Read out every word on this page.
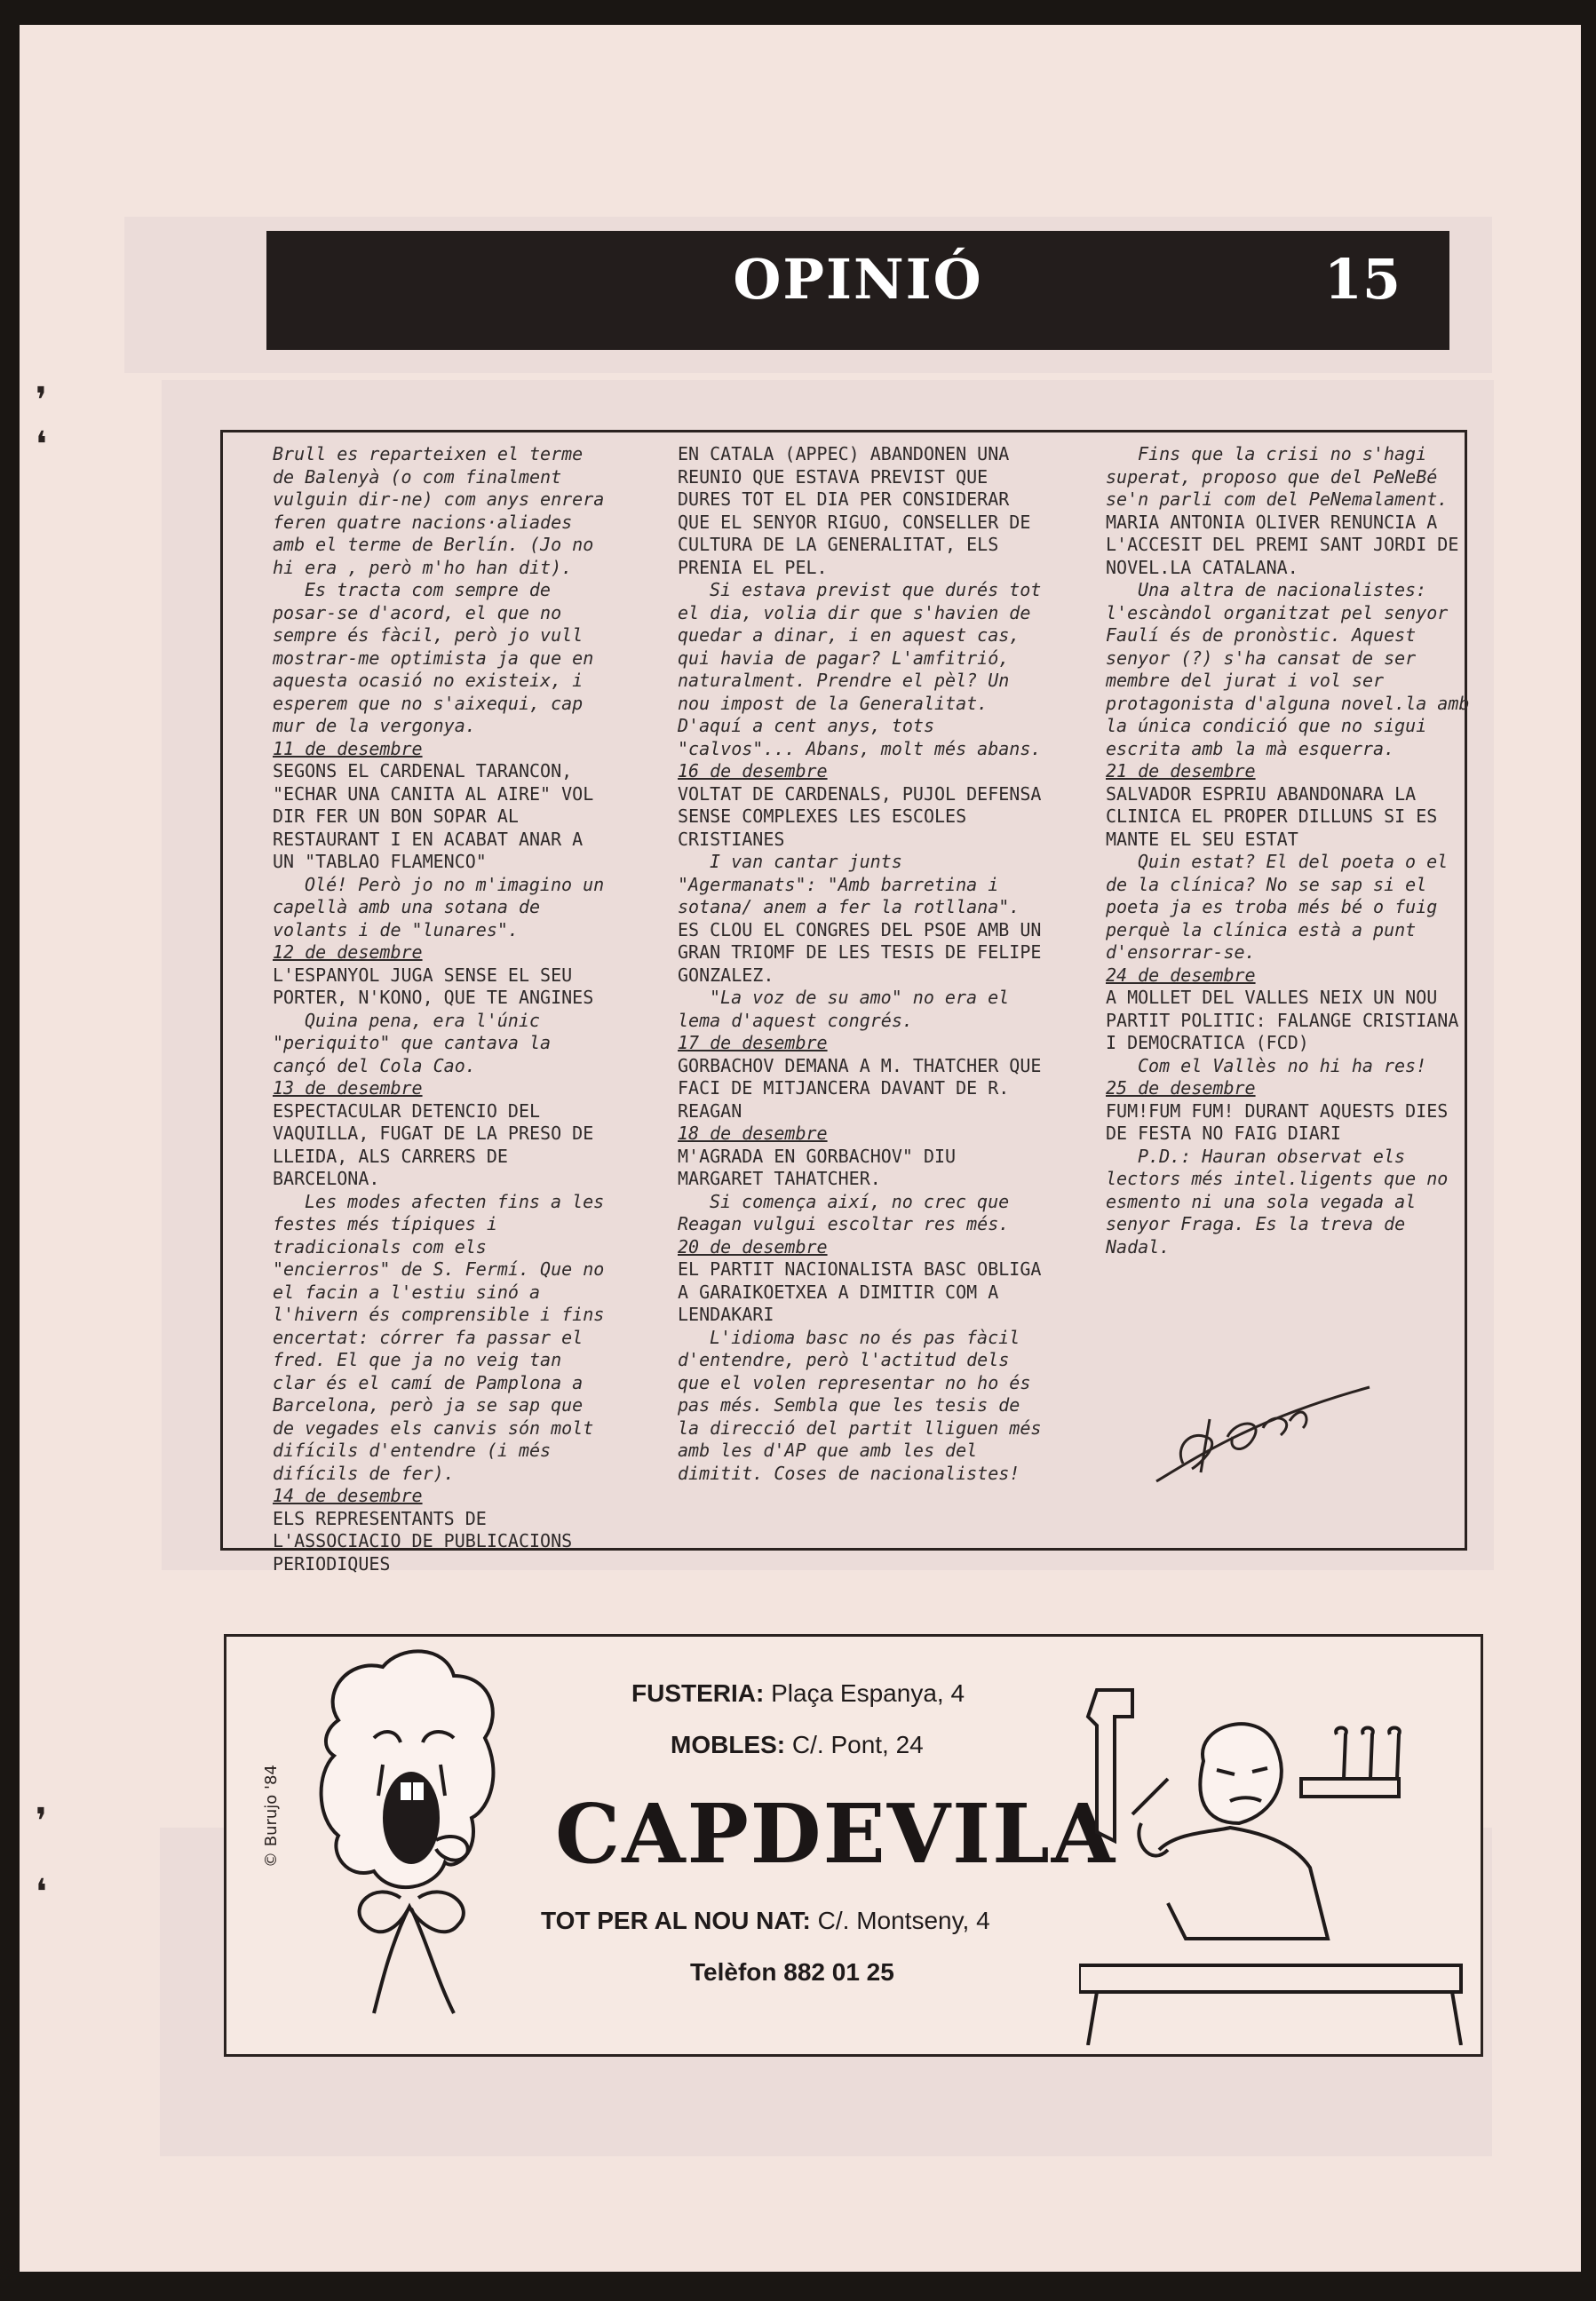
OPINIÓ	15

Brull es reparteixen el terme de Balenyà (o com finalment vulguin dir-ne) com anys enrera feren quatre nacions·aliades amb el terme de Berlín. (Jo no hi era , però m'ho han dit).

Es tracta com sempre de posar-se d'acord, el que no sempre és fàcil, però jo vull mostrar-me optimista ja que en aquesta ocasió no existeix, i esperem que no s'aixequi, cap mur de la vergonya.

11 de desembre

SEGONS EL CARDENAL TARANCON, "ECHAR UNA CANITA AL AIRE" VOL DIR FER UN BON SOPAR AL RESTAURANT I EN ACABAT ANAR A UN "TABLAO FLAMENCO"

Olé! Però jo no m'imagino un capellà amb una sotana de volants i de "lunares".

12 de desembre

L'ESPANYOL JUGA SENSE EL SEU PORTER, N'KONO, QUE TE ANGINES

Quina pena, era l'únic "periquito" que cantava la cançó del Cola Cao.

13 de desembre

ESPECTACULAR DETENCIO DEL VAQUILLA, FUGAT DE LA PRESO DE LLEIDA, ALS CARRERS DE BARCELONA.

Les modes afecten fins a les festes més típiques i tradicionals com els "encierros" de S. Fermí. Que no el facin a l'estiu sinó a l'hivern és comprensible i fins encertat: córrer fa passar el fred. El que ja no veig tan clar és el camí de Pamplona a Barcelona, però ja se sap que de vegades els canvis són molt difícils d'entendre (i més difícils de fer).

14 de desembre

ELS REPRESENTANTS DE L'ASSOCIACIO DE PUBLICACIONS PERIODIQUES

EN CATALA (APPEC) ABANDONEN UNA REUNIO QUE ESTAVA PREVIST QUE DURES TOT EL DIA PER CONSIDERAR QUE EL SENYOR RIGUO, CONSELLER DE CULTURA DE LA GENERALITAT, ELS PRENIA EL PEL.

Si estava previst que durés tot el dia, volia dir que s'havien de quedar a dinar, i en aquest cas, qui havia de pagar? L'amfitrió, naturalment. Prendre el pèl? Un nou impost de la Generalitat. D'aquí a cent anys, tots "calvos"... Abans, molt més abans.

16 de desembre

VOLTAT DE CARDENALS, PUJOL DEFENSA SENSE COMPLEXES LES ESCOLES CRISTIANES

I van cantar junts "Agermanats": "Amb barretina i sotana/ anem a fer la rotllana".

ES CLOU EL CONGRES DEL PSOE AMB UN GRAN TRIOMF DE LES TESIS DE FELIPE GONZALEZ.

"La voz de su amo" no era el lema d'aquest congrés.

17 de desembre

GORBACHOV DEMANA A M. THATCHER QUE FACI DE MITJANCERA DAVANT DE R. REAGAN

18 de desembre

M'AGRADA EN GORBACHOV" DIU MARGARET TAHATCHER.

Si comença així, no crec que Reagan vulgui escoltar res més.

20 de desembre

EL PARTIT NACIONALISTA BASC OBLIGA A GARAIKOETXEA A DIMITIR COM A LENDAKARI

L'idioma basc no és pas fàcil d'entendre, però l'actitud dels que el volen representar no ho és pas més. Sembla que les tesis de la direcció del partit lliguen més amb les d'AP que amb les del dimitit. Coses de nacionalistes!

Fins que la crisi no s'hagi superat, proposo que del PeNeBé se'n parli com del PeNemalament.

MARIA ANTONIA OLIVER RENUNCIA A L'ACCESIT DEL PREMI SANT JORDI DE NOVEL.LA CATALANA.

Una altra de nacionalistes: l'escàndol organitzat pel senyor Faulí és de pronòstic. Aquest senyor (?) s'ha cansat de ser membre del jurat i vol ser protagonista d'alguna novel.la amb la única condició que no sigui escrita amb la mà esquerra.

21 de desembre

SALVADOR ESPRIU ABANDONARA LA CLINICA EL PROPER DILLUNS SI ES MANTE EL SEU ESTAT

Quin estat? El del poeta o el de la clínica? No se sap si el poeta ja es troba més bé o fuig perquè la clínica està a punt d'ensorrar-se.

24 de desembre

A MOLLET DEL VALLES NEIX UN NOU PARTIT POLITIC: FALANGE CRISTIANA I DEMOCRATICA (FCD)

Com el Vallès no hi ha res!

25 de desembre

FUM!FUM FUM! DURANT AQUESTS DIES DE FESTA NO FAIG DIARI

P.D.: Hauran observat els lectors més intel.ligents que no esmento ni una sola vegada al senyor Fraga. Es la treva de Nadal.

© Burujo '84
FUSTERIA: Plaça Espanya, 4
MOBLES: C/. Pont, 24
CAPDEVILA
TOT PER AL NOU NAT: C/. Montseny, 4
Telèfon 882 01 25
❜
❛
❜
❛
